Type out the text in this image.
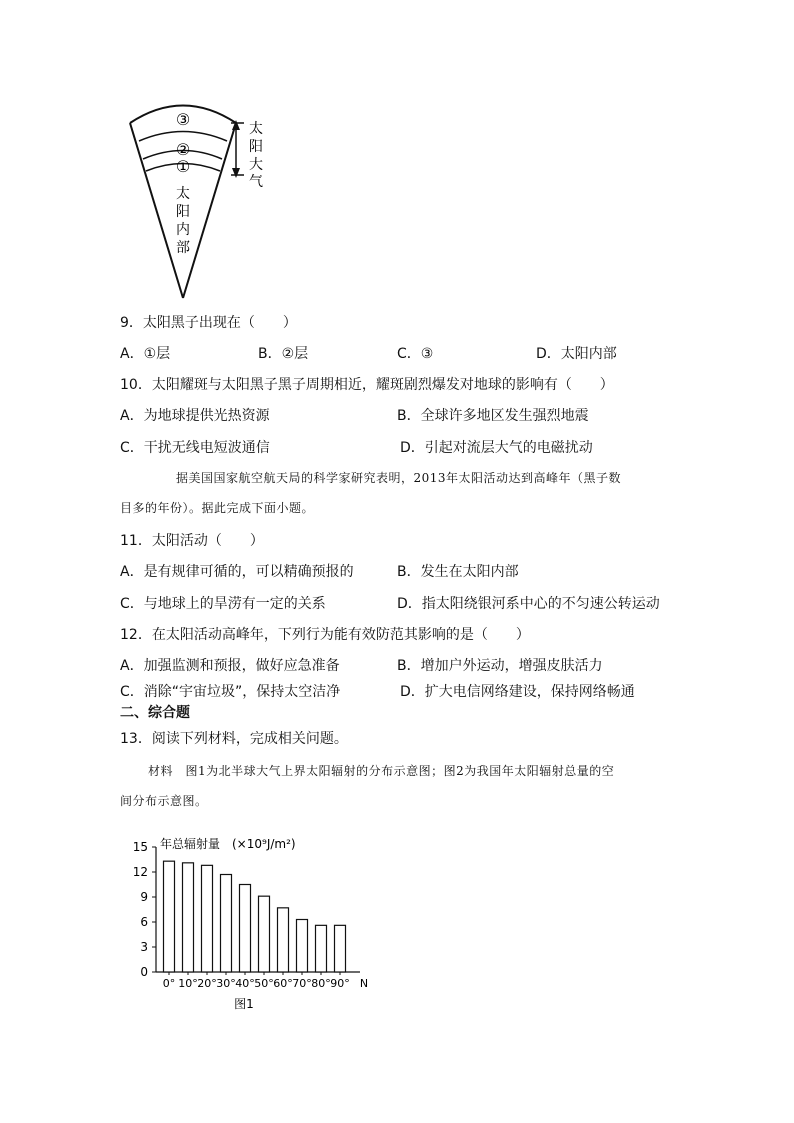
③
②
①
太
阳
内
部
太
阳
大
气
9．太阳黑子出现在（　　）
A．①层	B．②层	C．③	D．太阳内部
10．太阳耀斑与太阳黑子黑子周期相近，耀斑剧烈爆发对地球的影响有（　　）
A．为地球提供光热资源	B．全球许多地区发生强烈地震
C．干扰无线电短波通信	D．引起对流层大气的电磁扰动
据美国国家航空航天局的科学家研究表明，2013年太阳活动达到高峰年（黑子数
目多的年份）。据此完成下面小题。
11．太阳活动（　　）
A．是有规律可循的，可以精确预报的	B．发生在太阳内部
C．与地球上的旱涝有一定的关系	D．指太阳绕银河系中心的不匀速公转运动
12．在太阳活动高峰年，下列行为能有效防范其影响的是（　　）
A．加强监测和预报，做好应急准备	B．增加户外运动，增强皮肤活力
C．消除“宇宙垃圾”，保持太空洁净	D．扩大电信网络建设，保持网络畅通
二、综合题
13．阅读下列材料，完成相关问题。
材料　图1为北半球大气上界太阳辐射的分布示意图；图2为我国年太阳辐射总量的空
间分布示意图。
15
12
9
6
3
0
0° 10° 20° 30° 40° 50° 60° 70° 80° 90° N
年总辐射量 (×10⁹J/m²)
图1
